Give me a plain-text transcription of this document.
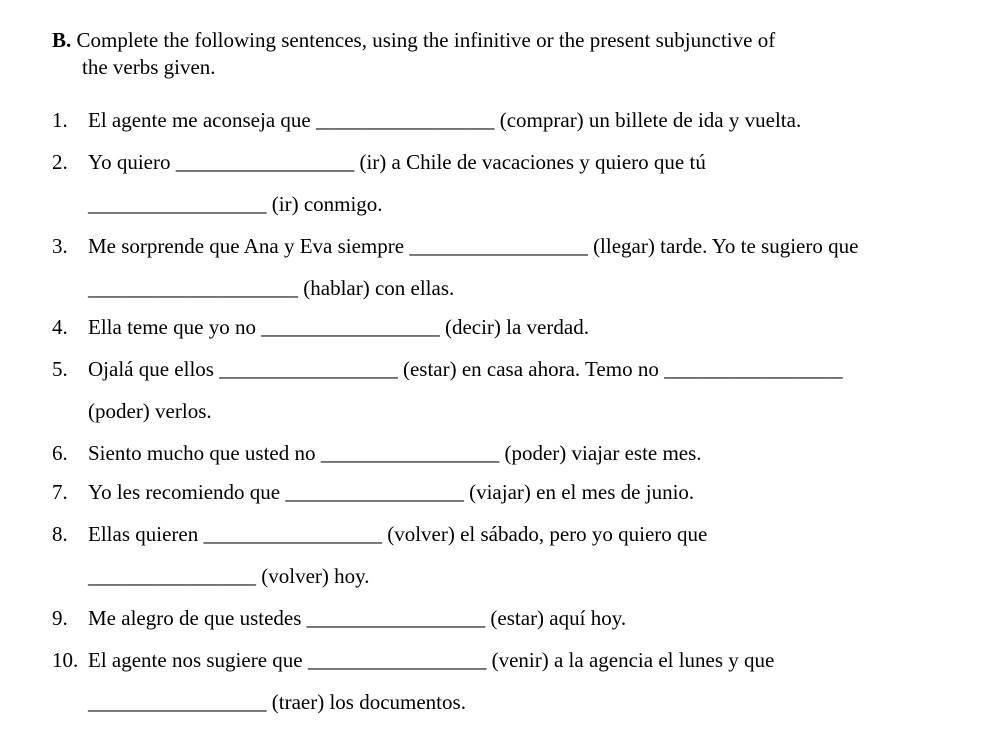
B. Complete the following sentences, using the infinitive or the present subjunctive of
the verbs given.
1. El agente me aconseja que _________________ (comprar) un billete de ida y vuelta.
2. Yo quiero _________________ (ir) a Chile de vacaciones y quiero que tú
_________________ (ir) conmigo.
3. Me sorprende que Ana y Eva siempre _________________ (llegar) tarde. Yo te sugiero que
____________________ (hablar) con ellas.
4. Ella teme que yo no _________________ (decir) la verdad.
5. Ojalá que ellos _________________ (estar) en casa ahora. Temo no _________________
(poder) verlos.
6. Siento mucho que usted no _________________ (poder) viajar este mes.
7. Yo les recomiendo que _________________ (viajar) en el mes de junio.
8. Ellas quieren _________________ (volver) el sábado, pero yo quiero que
________________ (volver) hoy.
9. Me alegro de que ustedes _________________ (estar) aquí hoy.
10. El agente nos sugiere que _________________ (venir) a la agencia el lunes y que
_________________ (traer) los documentos.
